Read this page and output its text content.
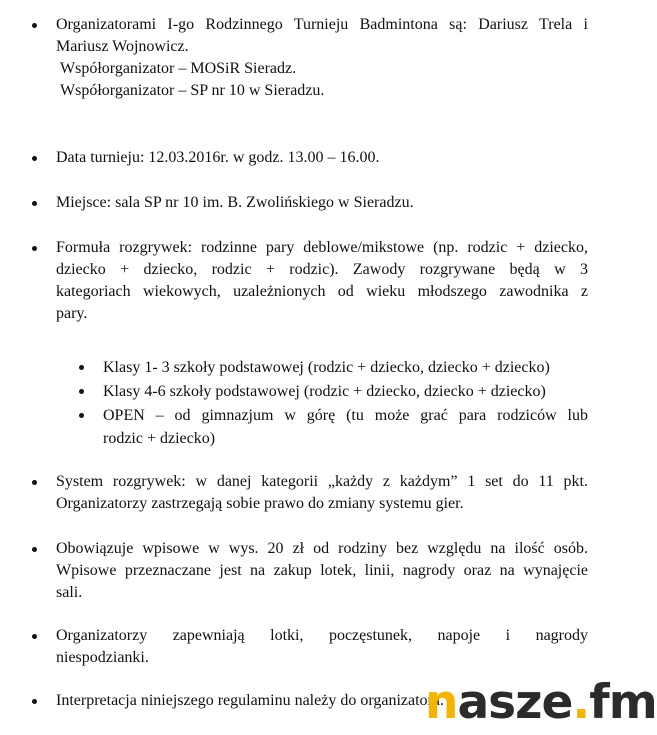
Organizatorami I-go Rodzinnego Turnieju Badmintona są: Dariusz Trela i
Mariusz Wojnowicz.
Współorganizator – MOSiR Sieradz.
Współorganizator – SP nr 10 w Sieradzu.
Data turnieju: 12.03.2016r. w godz. 13.00 – 16.00.
Miejsce: sala SP nr 10 im. B. Zwolińskiego w Sieradzu.
Formuła rozgrywek: rodzinne pary deblowe/mikstowe (np. rodzic + dziecko,
dziecko + dziecko, rodzic + rodzic). Zawody rozgrywane będą w 3
kategoriach wiekowych, uzależnionych od wieku młodszego zawodnika z
pary.
Klasy 1- 3 szkoły podstawowej (rodzic + dziecko, dziecko + dziecko)
Klasy 4-6 szkoły podstawowej (rodzic + dziecko, dziecko + dziecko)
OPEN – od gimnazjum w górę (tu może grać para rodziców lub
rodzic + dziecko)
System rozgrywek: w danej kategorii „każdy z każdym” 1 set do 11 pkt.
Organizatorzy zastrzegają sobie prawo do zmiany systemu gier.
Obowiązuje wpisowe w wys. 20 zł od rodziny bez względu na ilość osób.
Wpisowe przeznaczane jest na zakup lotek, linii, nagrody oraz na wynajęcie
sali.
Organizatorzy zapewniają lotki, poczęstunek, napoje i nagrody
niespodzianki.
Interpretacja niniejszego regulaminu należy do organizatora.
nasze.fm
